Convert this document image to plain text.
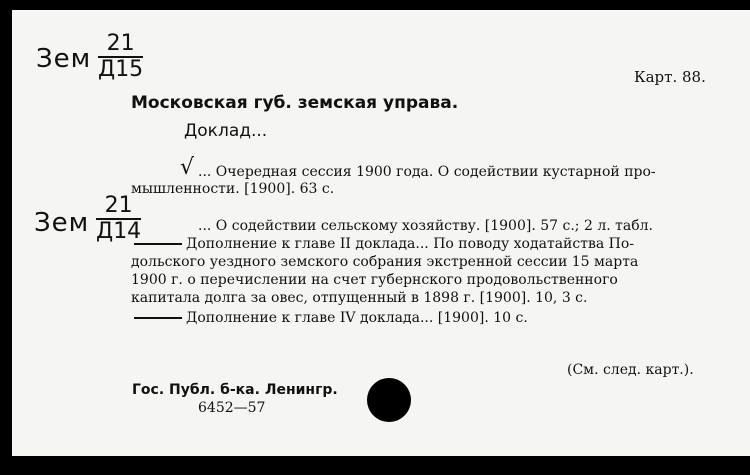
Зем
21
Д15	Карт. 88.
Московская губ. земская управа.
Доклад...
√ ... Очередная сессия 1900 года. О содействии кустарной про-
мышленности. [1900]. 63 с.
Зем
21
Д14	... О содействии сельскому хозяйству. [1900]. 57 с.; 2 л. табл.
Дополнение к главе II доклада... По поводу ходатайства По-
дольского уездного земского собрания экстренной сессии 15 марта
1900 г. о перечислении на счет губернского продовольственного
капитала долга за овес, отпущенный в 1898 г. [1900]. 10, 3 с.
Дополнение к главе IV доклада... [1900]. 10 с.
(См. след. карт.).
Гос. Публ. б-ка. Ленингр.
6452—57
